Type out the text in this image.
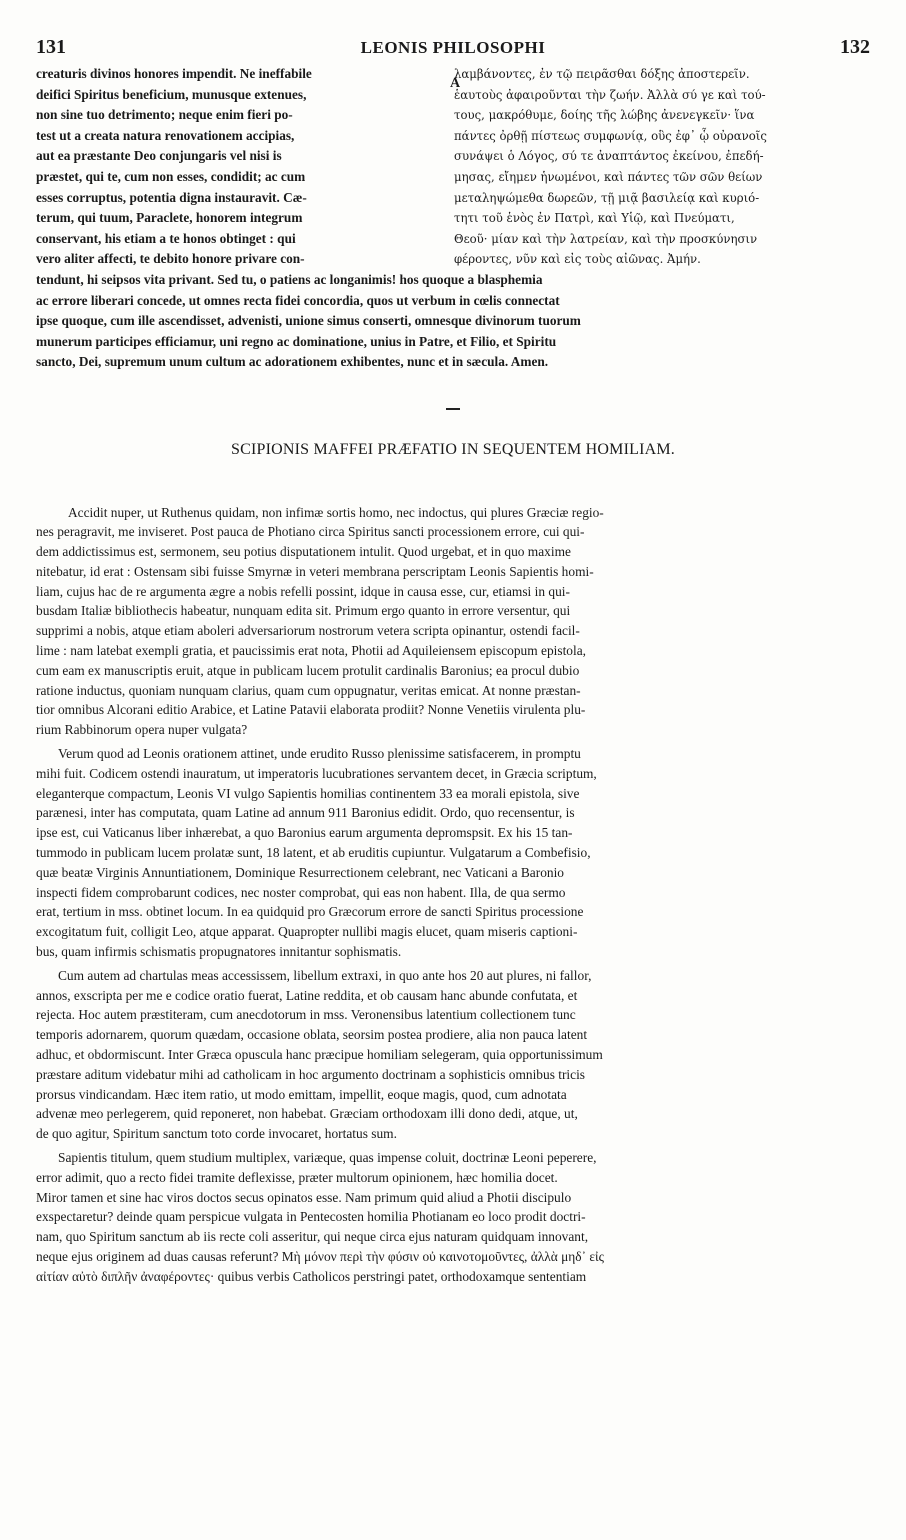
131	LEONIS PHILOSOPHI	132
A

creaturis divinos honores impendit. Ne ineffabile

deifici Spiritus beneficium, munusque extenues,

non sine tuo detrimento; neque enim fieri po-

test ut a creata natura renovationem accipias,

aut ea præstante Deo conjungaris vel nisi is

præstet, qui te, cum non esses, condidit; ac cum

esses corruptus, potentia digna instauravit. Cæ-

terum, qui tuum, Paraclete, honorem integrum

conservant, his etiam a te honos obtinget : qui

vero aliter affecti, te debito honore privare con-

λαμβάνοντες, ἐν τῷ πειρᾶσθαι δόξης ἀποστερεῖν.

ἑαυτοὺς ἀφαιροῦνται τὴν ζωήν. Ἀλλὰ σύ γε καὶ τού-

τους, μακρόθυμε, δοίης τῆς λώβης ἀνενεγκεῖν· ἵνα

πάντες ὀρθῇ πίστεως συμφωνίᾳ, οὓς ἐφ᾽ ᾧ οὐρανοῖς

συνάψει ὁ Λόγος, σύ τε ἀναπτάντος ἐκείνου, ἐπεδή-

μησας, εἴημεν ἡνωμένοι, καὶ πάντες τῶν σῶν θείων

μεταληψώμεθα δωρεῶν, τῇ μιᾷ βασιλείᾳ καὶ κυριό-

τητι τοῦ ἑνὸς ἐν Πατρὶ, καὶ Υἱῷ, καὶ Πνεύματι,

Θεοῦ· μίαν καὶ τὴν λατρείαν, καὶ τὴν προσκύνησιν

φέροντες, νῦν καὶ εἰς τοὺς αἰῶνας. Ἀμήν.

tendunt, hi seipsos vita privant. Sed tu, o patiens ac longanimis! hos quoque a blasphemia

ac errore liberari concede, ut omnes recta fidei concordia, quos ut verbum in cœlis connectat

ipse quoque, cum ille ascendisset, advenisti, unione simus conserti, omnesque divinorum tuorum

munerum participes efficiamur, uni regno ac dominatione, unius in Patre, et Filio, et Spiritu

sancto, Dei, supremum unum cultum ac adorationem exhibentes, nunc et in sæcula. Amen.

SCIPIONIS MAFFEI PRÆFATIO IN SEQUENTEM HOMILIAM.

Accidit nuper, ut Ruthenus quidam, non infimæ sortis homo, nec indoctus, qui plures Græciæ regio-

nes peragravit, me inviseret. Post pauca de Photiano circa Spiritus sancti processionem errore, cui qui-

dem addictissimus est, sermonem, seu potius disputationem intulit. Quod urgebat, et in quo maxime

nitebatur, id erat : Ostensam sibi fuisse Smyrnæ in veteri membrana perscriptam Leonis Sapientis homi-

liam, cujus hac de re argumenta ægre a nobis refelli possint, idque in causa esse, cur, etiamsi in qui-

busdam Italiæ bibliothecis habeatur, nunquam edita sit. Primum ergo quanto in errore versentur, qui

supprimi a nobis, atque etiam aboleri adversariorum nostrorum vetera scripta opinantur, ostendi facil-

lime : nam latebat exempli gratia, et paucissimis erat nota, Photii ad Aquileiensem episcopum epistola,

cum eam ex manuscriptis eruit, atque in publicam lucem protulit cardinalis Baronius; ea procul dubio

ratione inductus, quoniam nunquam clarius, quam cum oppugnatur, veritas emicat. At nonne præstan-

tior omnibus Alcorani editio Arabice, et Latine Patavii elaborata prodiit? Nonne Venetiis virulenta plu-

rium Rabbinorum opera nuper vulgata?

Verum quod ad Leonis orationem attinet, unde erudito Russo plenissime satisfacerem, in promptu

mihi fuit. Codicem ostendi inauratum, ut imperatoris lucubrationes servantem decet, in Græcia scriptum,

eleganterque compactum, Leonis VI vulgo Sapientis homilias continentem 33 ea morali epistola, sive

parænesi, inter has computata, quam Latine ad annum 911 Baronius edidit. Ordo, quo recensentur, is

ipse est, cui Vaticanus liber inhærebat, a quo Baronius earum argumenta depromspsit. Ex his 15 tan-

tummodo in publicam lucem prolatæ sunt, 18 latent, et ab eruditis cupiuntur. Vulgatarum a Combefisio,

quæ beatæ Virginis Annuntiationem, Dominique Resurrectionem celebrant, nec Vaticani a Baronio

inspecti fidem comprobarunt codices, nec noster comprobat, qui eas non habent. Illa, de qua sermo

erat, tertium in mss. obtinet locum. In ea quidquid pro Græcorum errore de sancti Spiritus processione

excogitatum fuit, colligit Leo, atque apparat. Quapropter nullibi magis elucet, quam miseris captioni-

bus, quam infirmis schismatis propugnatores innitantur sophismatis.

Cum autem ad chartulas meas accessissem, libellum extraxi, in quo ante hos 20 aut plures, ni fallor,

annos, exscripta per me e codice oratio fuerat, Latine reddita, et ob causam hanc abunde confutata, et

rejecta. Hoc autem præstiteram, cum anecdotorum in mss. Veronensibus latentium collectionem tunc

temporis adornarem, quorum quædam, occasione oblata, seorsim postea prodiere, alia non pauca latent

adhuc, et obdormiscunt. Inter Græca opuscula hanc præcipue homiliam selegeram, quia opportunissimum

præstare aditum videbatur mihi ad catholicam in hoc argumento doctrinam a sophisticis omnibus tricis

prorsus vindicandam. Hæc item ratio, ut modo emittam, impellit, eoque magis, quod, cum adnotata

advenæ meo perlegerem, quid reponeret, non habebat. Græciam orthodoxam illi dono dedi, atque, ut,

de quo agitur, Spiritum sanctum toto corde invocaret, hortatus sum.

Sapientis titulum, quem studium multiplex, variæque, quas impense coluit, doctrinæ Leoni peperere,

error adimit, quo a recto fidei tramite deflexisse, præter multorum opinionem, hæc homilia docet.

Miror tamen et sine hac viros doctos secus opinatos esse. Nam primum quid aliud a Photii discipulo

exspectaretur? deinde quam perspicue vulgata in Pentecosten homilia Photianam eo loco prodit doctri-

nam, quo Spiritum sanctum ab iis recte coli asseritur, qui neque circa ejus naturam quidquam innovant,

neque ejus originem ad duas causas referunt? Μὴ μόνον περὶ τὴν φύσιν οὐ καινοτομοῦντες, ἀλλὰ μηδ᾽ εἰς

αἰτίαν αὐτὸ διπλῆν ἀναφέροντες· quibus verbis Catholicos perstringi patet, orthodoxamque sententiam
